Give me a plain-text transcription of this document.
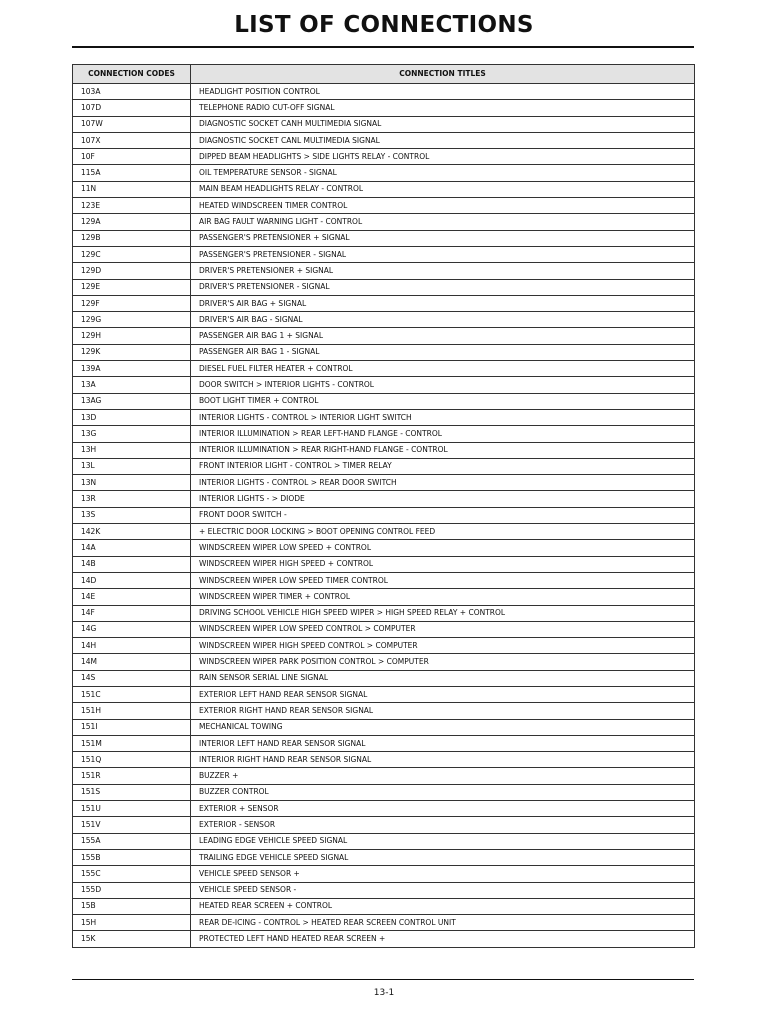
LIST OF CONNECTIONS
CONNECTION CODES	CONNECTION TITLES
103A	HEADLIGHT POSITION CONTROL
107D	TELEPHONE RADIO CUT-OFF SIGNAL
107W	DIAGNOSTIC SOCKET CANH MULTIMEDIA SIGNAL
107X	DIAGNOSTIC SOCKET CANL MULTIMEDIA SIGNAL
10F	DIPPED BEAM HEADLIGHTS > SIDE LIGHTS RELAY - CONTROL
115A	OIL TEMPERATURE SENSOR - SIGNAL
11N	MAIN BEAM HEADLIGHTS RELAY - CONTROL
123E	HEATED WINDSCREEN TIMER CONTROL
129A	AIR BAG FAULT WARNING LIGHT - CONTROL
129B	PASSENGER'S PRETENSIONER + SIGNAL
129C	PASSENGER'S PRETENSIONER - SIGNAL
129D	DRIVER'S PRETENSIONER + SIGNAL
129E	DRIVER'S PRETENSIONER - SIGNAL
129F	DRIVER'S AIR BAG + SIGNAL
129G	DRIVER'S AIR BAG - SIGNAL
129H	PASSENGER AIR BAG 1 + SIGNAL
129K	PASSENGER AIR BAG 1 - SIGNAL
139A	DIESEL FUEL FILTER HEATER + CONTROL
13A	DOOR SWITCH > INTERIOR LIGHTS - CONTROL
13AG	BOOT LIGHT TIMER + CONTROL
13D	INTERIOR LIGHTS - CONTROL > INTERIOR LIGHT SWITCH
13G	INTERIOR ILLUMINATION > REAR LEFT-HAND FLANGE - CONTROL
13H	INTERIOR ILLUMINATION > REAR RIGHT-HAND FLANGE - CONTROL
13L	FRONT INTERIOR LIGHT - CONTROL > TIMER RELAY
13N	INTERIOR LIGHTS - CONTROL > REAR DOOR SWITCH
13R	INTERIOR LIGHTS - > DIODE
13S	FRONT DOOR SWITCH -
142K	+ ELECTRIC DOOR LOCKING > BOOT OPENING CONTROL FEED
14A	WINDSCREEN WIPER LOW SPEED + CONTROL
14B	WINDSCREEN WIPER HIGH SPEED + CONTROL
14D	WINDSCREEN WIPER LOW SPEED TIMER CONTROL
14E	WINDSCREEN WIPER TIMER + CONTROL
14F	DRIVING SCHOOL VEHICLE HIGH SPEED WIPER > HIGH SPEED RELAY + CONTROL
14G	WINDSCREEN WIPER LOW SPEED CONTROL > COMPUTER
14H	WINDSCREEN WIPER HIGH SPEED CONTROL > COMPUTER
14M	WINDSCREEN WIPER PARK POSITION CONTROL > COMPUTER
14S	RAIN SENSOR SERIAL LINE SIGNAL
151C	EXTERIOR LEFT HAND REAR SENSOR SIGNAL
151H	EXTERIOR RIGHT HAND REAR SENSOR SIGNAL
151I	MECHANICAL TOWING
151M	INTERIOR LEFT HAND REAR SENSOR SIGNAL
151Q	INTERIOR RIGHT HAND REAR SENSOR SIGNAL
151R	BUZZER +
151S	BUZZER CONTROL
151U	EXTERIOR + SENSOR
151V	EXTERIOR - SENSOR
155A	LEADING EDGE VEHICLE SPEED SIGNAL
155B	TRAILING EDGE VEHICLE SPEED SIGNAL
155C	VEHICLE SPEED SENSOR +
155D	VEHICLE SPEED SENSOR -
15B	HEATED REAR SCREEN + CONTROL
15H	REAR DE-ICING - CONTROL > HEATED REAR SCREEN CONTROL UNIT
15K	PROTECTED LEFT HAND HEATED REAR SCREEN +
13-1
